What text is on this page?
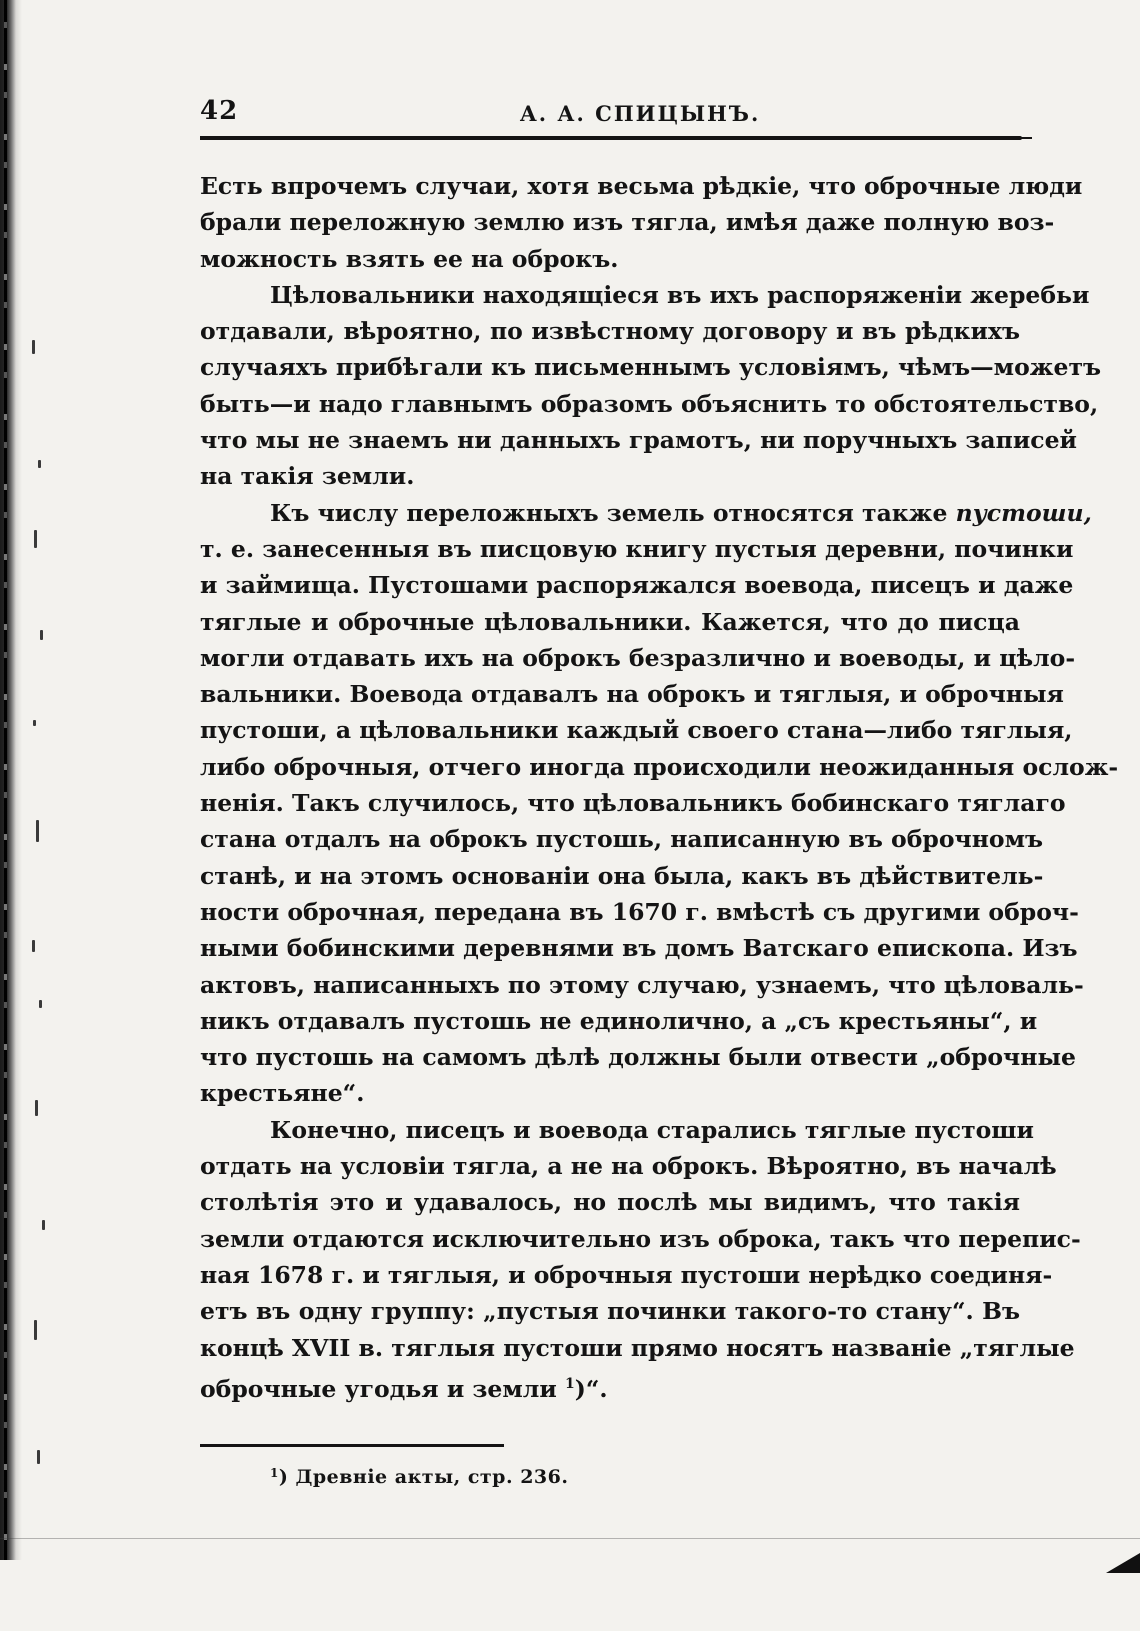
42	А. А. СПИЦЫНЪ.
Есть впрочемъ случаи, хотя весьма рѣдкіе, что оброчные люди
брали переложную землю изъ тягла, имѣя даже полную воз-
можность взять ее на оброкъ.
Цѣловальники находящіеся въ ихъ распоряженіи жеребьи
отдавали, вѣроятно, по извѣстному договору и въ рѣдкихъ
случаяхъ прибѣгали къ письменнымъ условіямъ, чѣмъ—можетъ
быть—и надо главнымъ образомъ объяснить то обстоятельство,
что мы не знаемъ ни данныхъ грамотъ, ни поручныхъ записей
на такія земли.
Къ числу переложныхъ земель относятся также пустоши,
т. е. занесенныя въ писцовую книгу пустыя деревни, починки
и займища. Пустошами распоряжался воевода, писецъ и даже
тяглые и оброчные цѣловальники. Кажется, что до писца
могли отдавать ихъ на оброкъ безразлично и воеводы, и цѣло-
вальники. Воевода отдавалъ на оброкъ и тяглыя, и оброчныя
пустоши, а цѣловальники каждый своего стана—либо тяглыя,
либо оброчныя, отчего иногда происходили неожиданныя ослож-
ненія. Такъ случилось, что цѣловальникъ бобинскаго тяглаго
стана отдалъ на оброкъ пустошь, написанную въ оброчномъ
станѣ, и на этомъ основаніи она была, какъ въ дѣйствитель-
ности оброчная, передана въ 1670 г. вмѣстѣ съ другими оброч-
ными бобинскими деревнями въ домъ Ватскаго епископа. Изъ
актовъ, написанныхъ по этому случаю, узнаемъ, что цѣловаль-
никъ отдавалъ пустошь не единолично, а „съ крестьяны“, и
что пустошь на самомъ дѣлѣ должны были отвести „оброчные
крестьяне“.
Конечно, писецъ и воевода старались тяглые пустоши
отдать на условіи тягла, а не на оброкъ. Вѣроятно, въ началѣ
столѣтія это и удавалось, но послѣ мы видимъ, что такія
земли отдаются исключительно изъ оброка, такъ что перепис-
ная 1678 г. и тяглыя, и оброчныя пустоши нерѣдко соединя-
етъ въ одну группу: „пустыя починки такого-то стану“. Въ
концѣ XVII в. тяглыя пустоши прямо носятъ названіе „тяглые
оброчные угодья и земли $^1$)“.
$^1$) Древніе акты, стр. 236.
